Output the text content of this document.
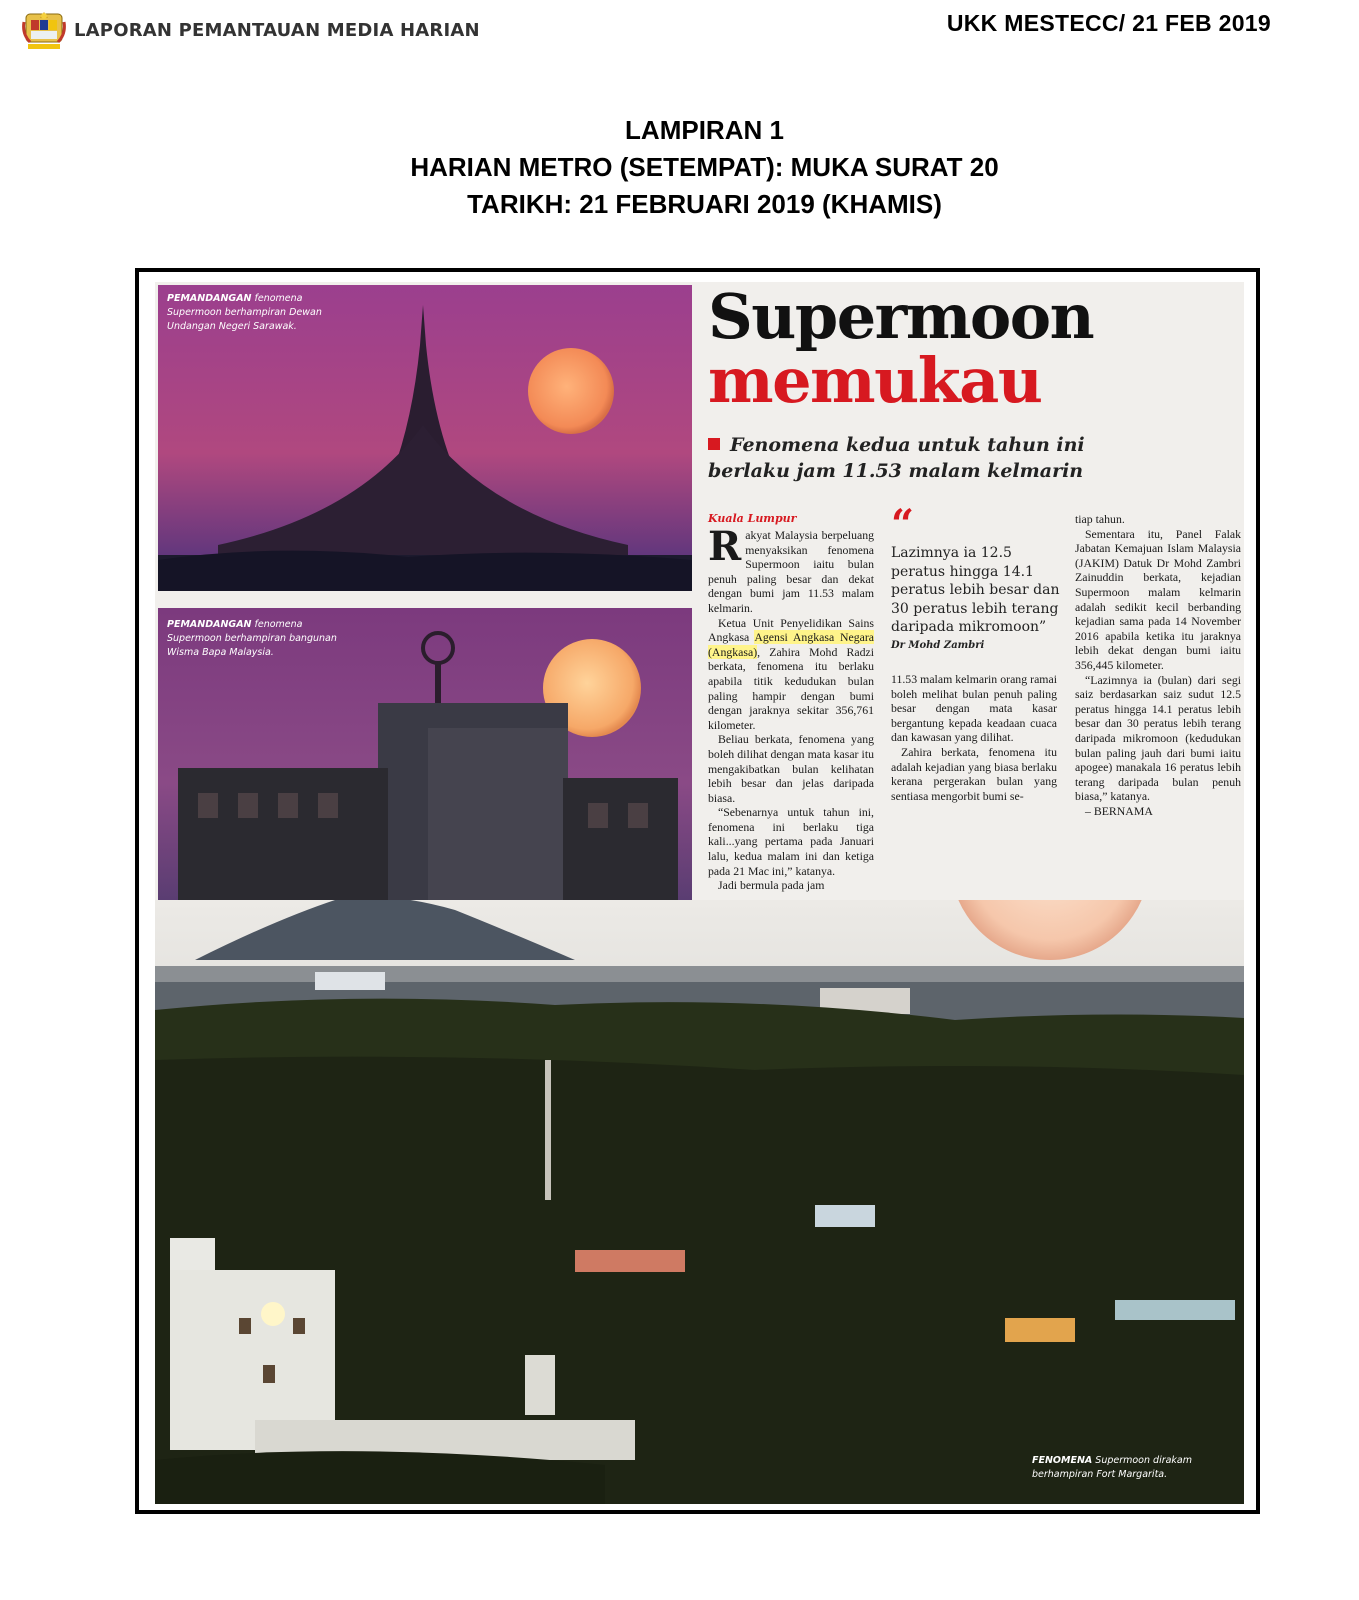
LAPORAN PEMANTAUAN MEDIA HARIAN	UKK MESTECC/ 21 FEB 2019
LAMPIRAN 1
HARIAN METRO (SETEMPAT): MUKA SURAT 20
TARIKH: 21 FEBRUARI 2019 (KHAMIS)

PEMANDANGAN fenomena Supermoon berhampiran Dewan Undangan Negeri Sarawak.
PEMANDANGAN fenomena Supermoon berhampiran bangunan Wisma Bapa Malaysia.
Supermoon
memukau
Fenomena kedua untuk tahun ini berlaku jam 11.53 malam kelmarin
Kuala Lumpur

Rakyat Malaysia berpeluang menyaksikan fenomena Supermoon iaitu bulan penuh paling besar dan dekat dengan bumi jam 11.53 malam kelmarin.

Ketua Unit Penyelidikan Sains Angkasa Agensi Angkasa Negara (Angkasa), Zahira Mohd Radzi berkata, fenomena itu berlaku apabila titik kedudukan bulan paling hampir dengan bumi dengan jaraknya sekitar 356,761 kilometer.

Beliau berkata, fenomena yang boleh dilihat dengan mata kasar itu mengakibatkan bulan kelihatan lebih besar dan jelas daripada biasa.

“Sebenarnya untuk tahun ini, fenomena ini berlaku tiga kali...yang pertama pada Januari lalu, kedua malam ini dan ketiga pada 21 Mac ini,” katanya.

Jadi bermula pada jam

“
Lazimnya ia 12.5 peratus hingga 14.1 peratus lebih besar dan 30 peratus lebih terang daripada mikromoon”
Dr Mohd Zambri

11.53 malam kelmarin orang ramai boleh melihat bulan penuh paling besar dengan mata kasar bergantung kepada keadaan cuaca dan kawasan yang dilihat.

Zahira berkata, fenomena itu adalah kejadian yang biasa berlaku kerana pergerakan bulan yang sentiasa mengorbit bumi se-

tiap tahun.

Sementara itu, Panel Falak Jabatan Kemajuan Islam Malaysia (JAKIM) Datuk Dr Mohd Zambri Zainuddin berkata, kejadian Supermoon malam kelmarin adalah sedikit kecil berbanding kejadian sama pada 14 November 2016 apabila ketika itu jaraknya lebih dekat dengan bumi iaitu 356,445 kilometer.

“Lazimnya ia (bulan) dari segi saiz berdasarkan saiz sudut 12.5 peratus hingga 14.1 peratus lebih besar dan 30 peratus lebih terang daripada mikromoon (kedudukan bulan paling jauh dari bumi iaitu apogee) manakala 16 peratus lebih terang daripada bulan penuh biasa,” katanya.

– BERNAMA

FENOMENA Supermoon dirakam berhampiran Fort Margarita.
